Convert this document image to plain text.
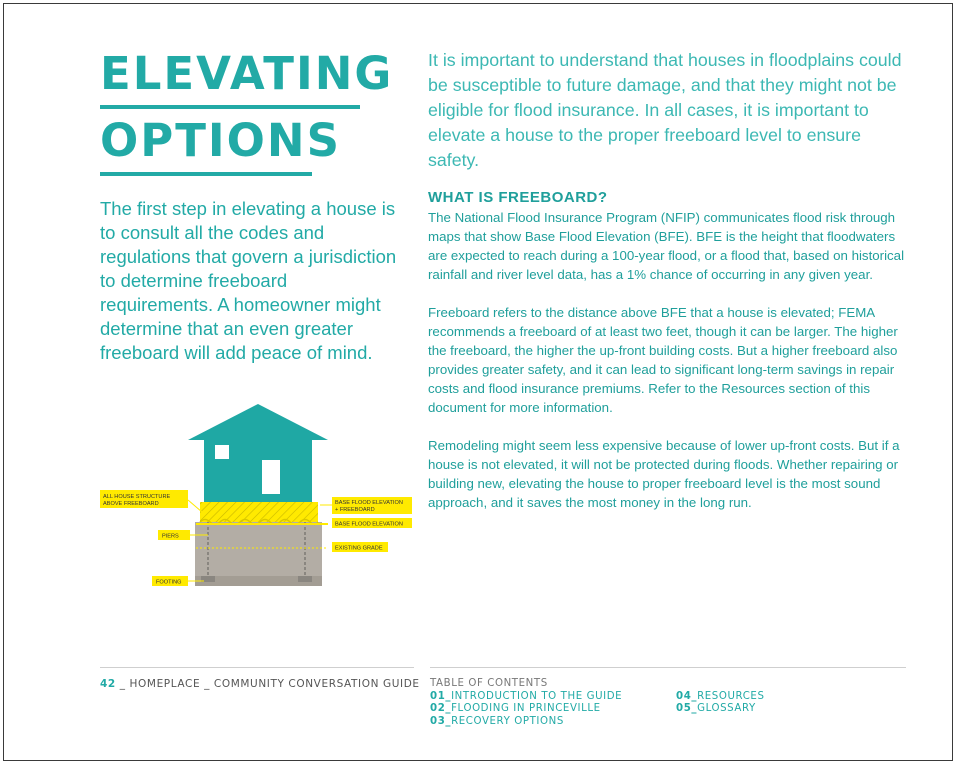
ELEVATING
OPTIONS

The first step in elevating a house is to consult all the codes and regulations that govern a jurisdiction to determine freeboard requirements. A homeowner might determine that an even greater freeboard will add peace of mind.

It is important to understand that houses in floodplains could be susceptible to future damage, and that they might not be eligible for flood insurance. In all cases, it is important to elevate a house to the proper freeboard level to ensure safety.

WHAT IS FREEBOARD?

The National Flood Insurance Program (NFIP) communicates flood risk through maps that show Base Flood Elevation (BFE). BFE is the height that floodwaters are expected to reach during a 100-year flood, or a flood that, based on historical rainfall and river level data, has a 1% chance of occurring in any given year.

Freeboard refers to the distance above BFE that a house is elevated; FEMA recommends a freeboard of at least two feet, though it can be larger. The higher the freeboard, the higher the up-front building costs. But a higher freeboard also provides greater safety, and it can lead to significant long-term savings in repair costs and flood insurance premiums. Refer to the Resources section of this document for more information.

Remodeling might seem less expensive because of lower up-front costs. But if a house is not elevated, it will not be protected during floods. Whether repairing or building new, elevating the house to proper freeboard level is the most sound approach, and it saves the most money in the long run.

ALL HOUSE STRUCTURE
ABOVE FREEBOARD	BASE FLOOD ELEVATION
+ FREEBOARD
BASE FLOOD ELEVATION
PIERS
EXISTING GRADE
FOOTING
42 _ HOMEPLACE _ COMMUNITY CONVERSATION GUIDE TABLE OF CONTENTS
01_INTRODUCTION TO THE GUIDE
02_FLOODING IN PRINCEVILLE
03_RECOVERY OPTIONS
04_RESOURCES
05_GLOSSARY
